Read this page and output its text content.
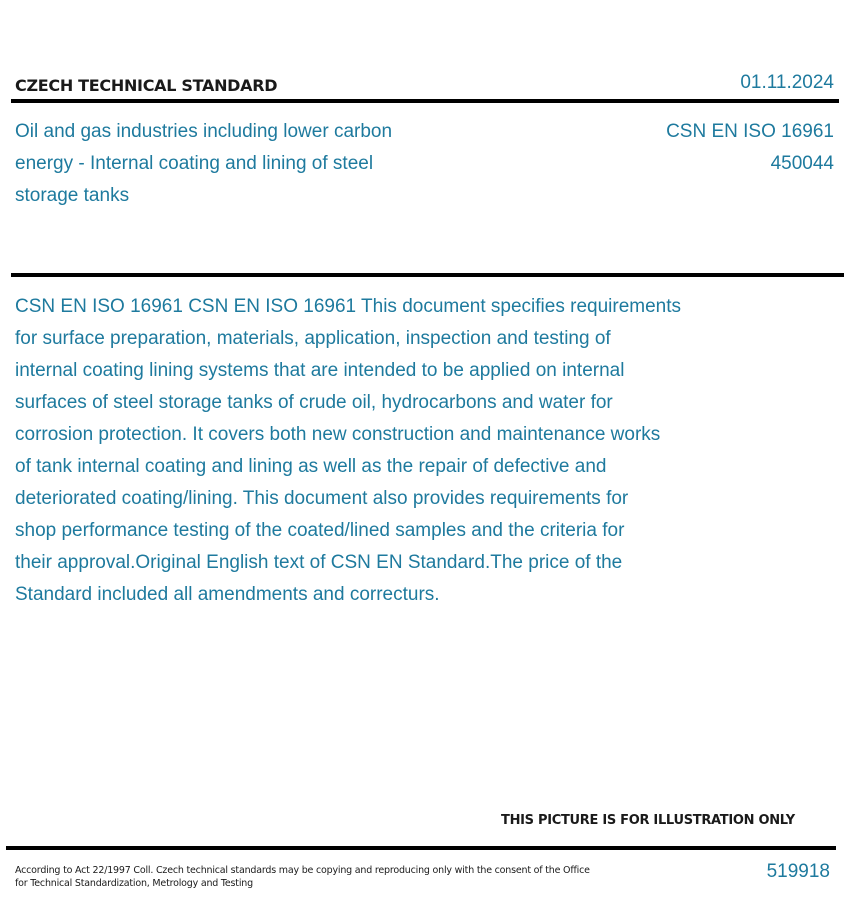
CZECH TECHNICAL STANDARD	01.11.2024
Oil and gas industries including lower carbon energy - Internal coating and lining of steel storage tanks
CSN EN ISO 16961
450044
CSN EN ISO 16961 CSN EN ISO 16961 This document specifies requirements
for surface preparation, materials, application, inspection and testing of
internal coating lining systems that are intended to be applied on internal
surfaces of steel storage tanks of crude oil, hydrocarbons and water for
corrosion protection. It covers both new construction and maintenance works
of tank internal coating and lining as well as the repair of defective and
deteriorated coating/lining. This document also provides requirements for
shop performance testing of the coated/lined samples and the criteria for
their approval.Original English text of CSN EN Standard.The price of the
Standard included all amendments and correcturs.
THIS PICTURE IS FOR ILLUSTRATION ONLY
According to Act 22/1997 Coll. Czech technical standards may be copying and reproducing only with the consent of the Office
for Technical Standardization, Metrology and Testing
519918
